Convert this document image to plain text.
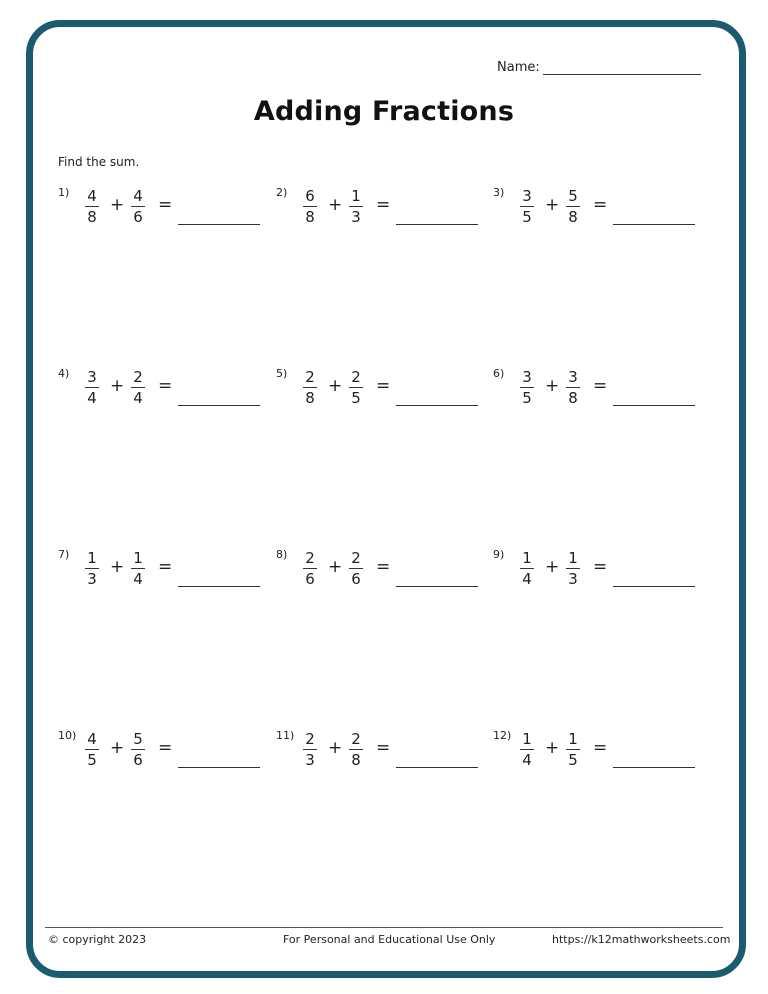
Name:
Adding Fractions
Find the sum.
1) 4
8
+ 4
6
=
2) 6
8
+ 1
3
=
3) 3
5
+ 5
8
=
4) 3
4
+ 2
4
=
5) 2
8
+ 2
5
=
6) 3
5
+ 3
8
=
7) 1
3
+ 1
4
=
8) 2
6
+ 2
6
=
9) 1
4
+ 1
3
=
10) 4
5
+ 5
6
=
11) 2
3
+ 2
8
=
12) 1
4
+ 1
5
=
© copyright 2023	For Personal and Educational Use Only	https://k12mathworksheets.com
